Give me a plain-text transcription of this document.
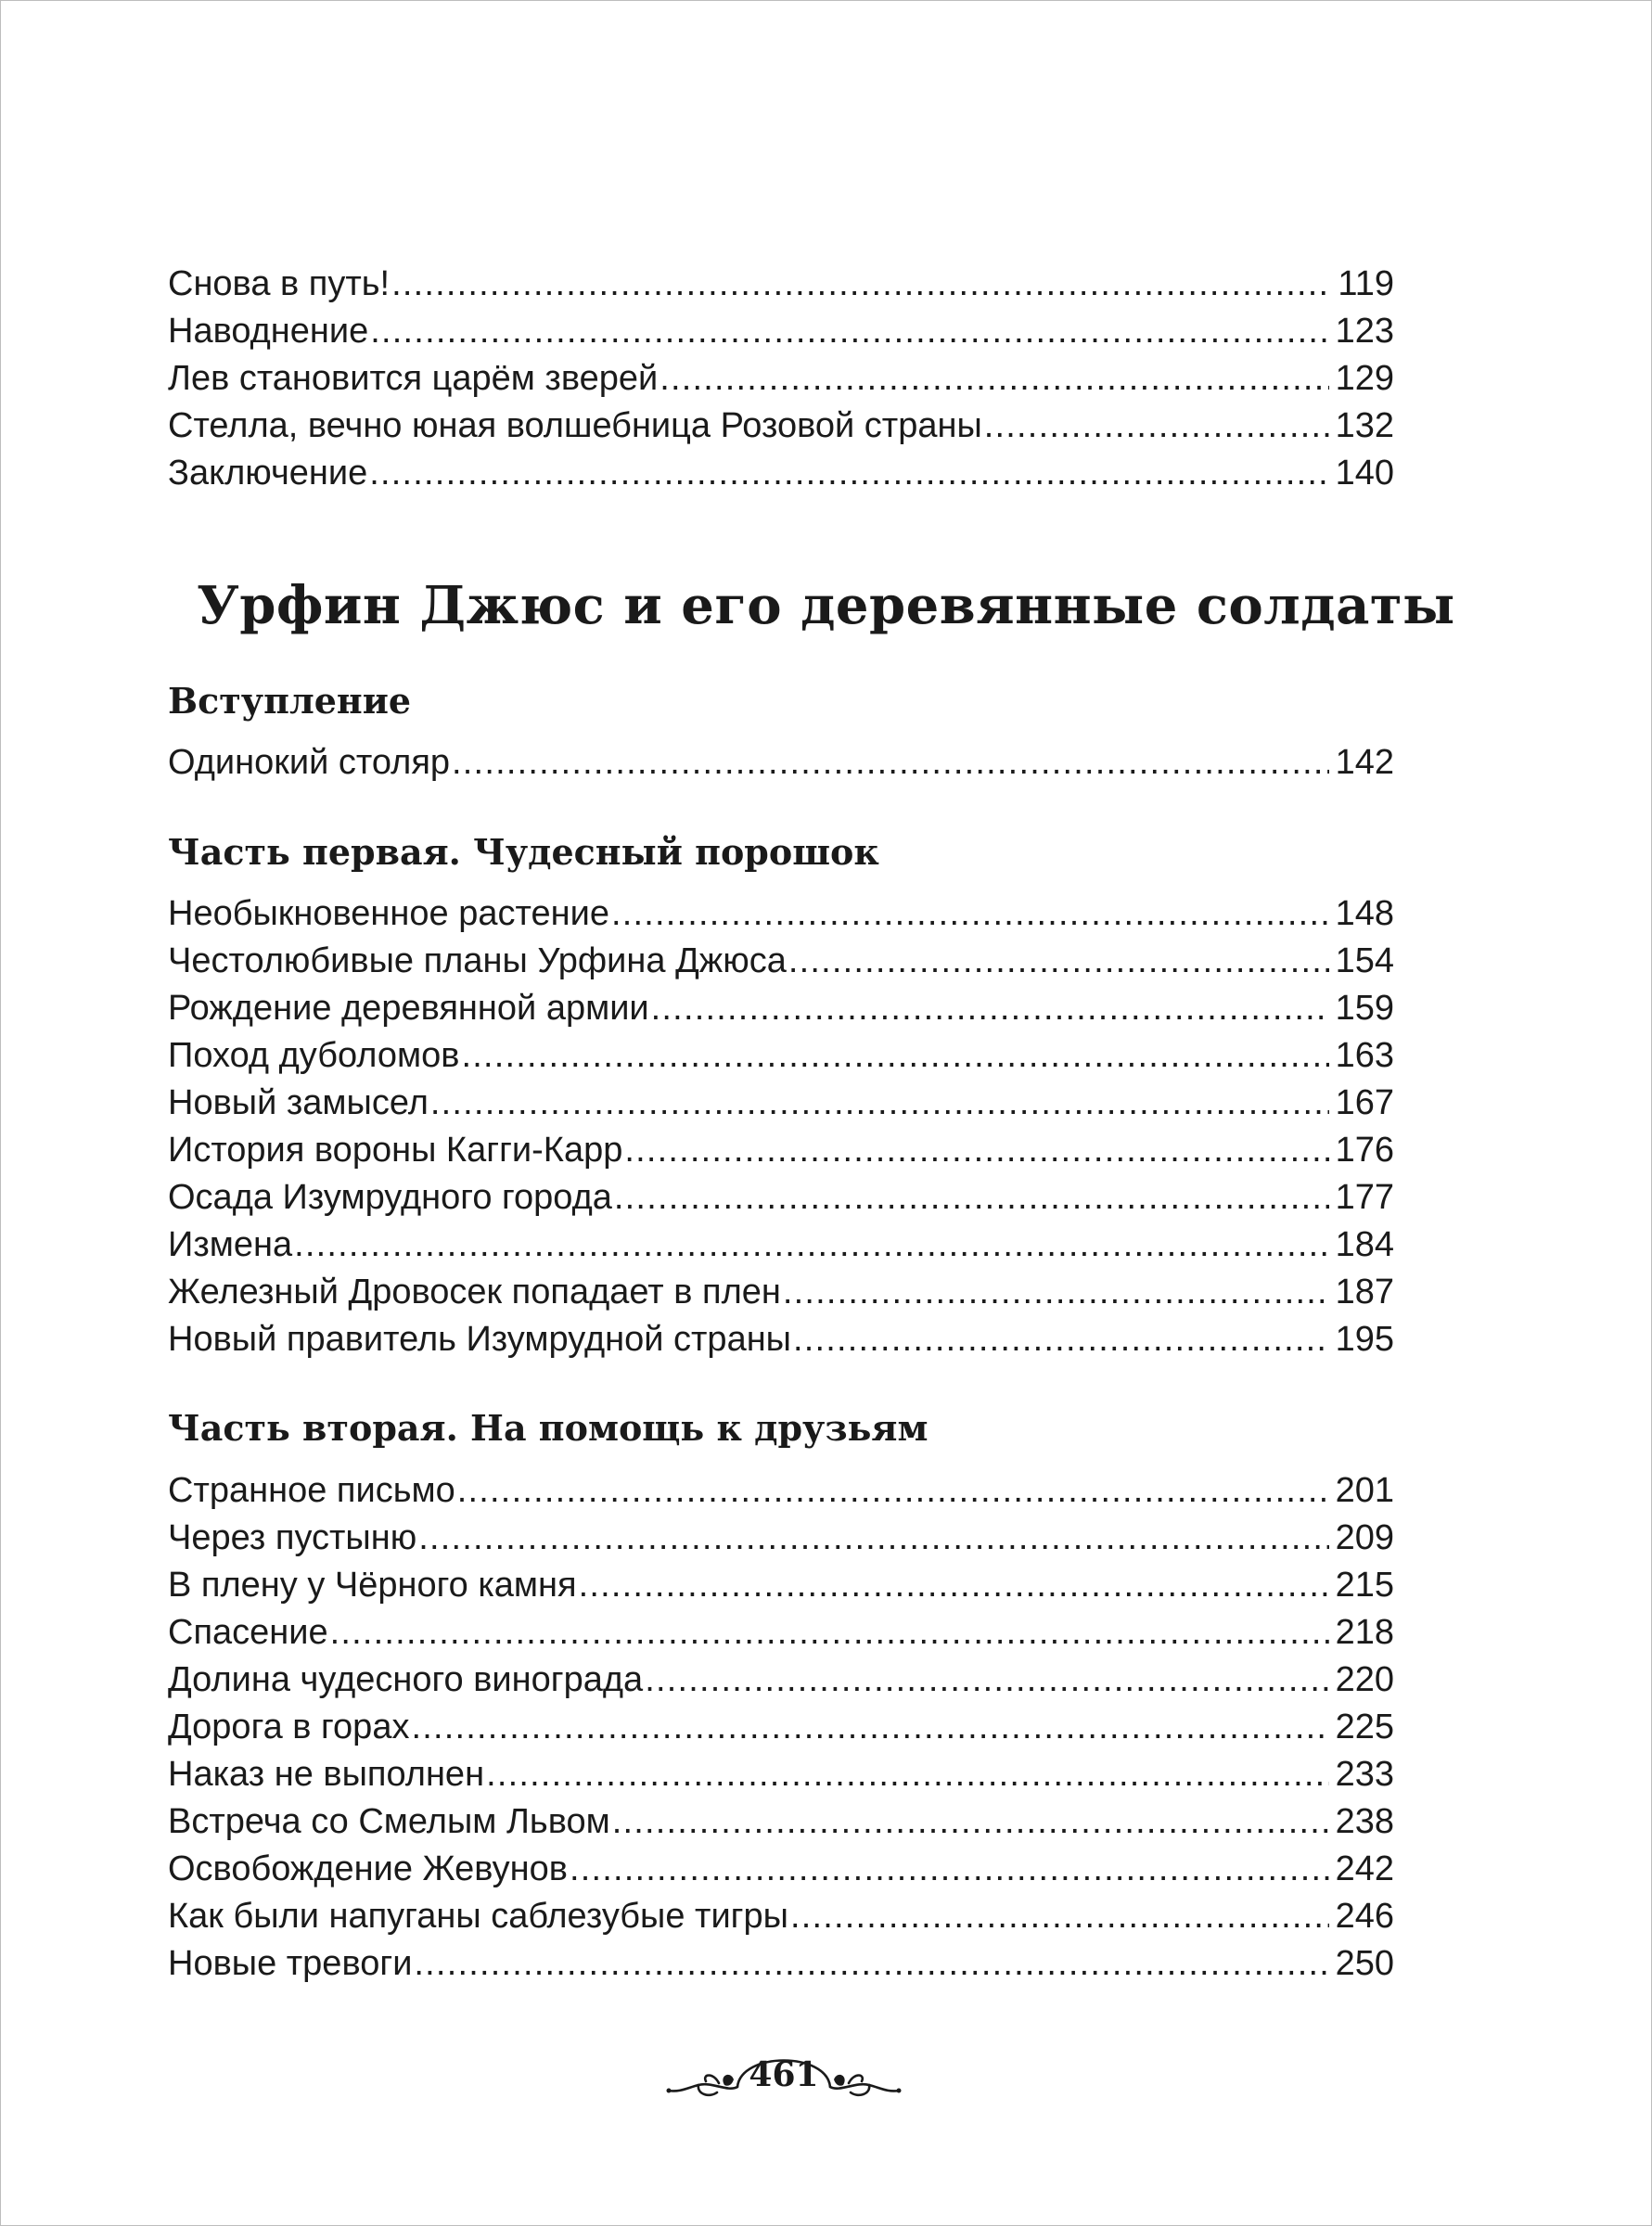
Снова в путь! .....	119
Наводнение .....	123
Лев становится царём зверей .....	129
Стелла, вечно юная волшебница Розовой страны .....	132
Заключение .....	140
Урфин Джюс и его деревянные солдаты
Вступление
Одинокий столяр .....	142
Часть первая. Чудесный порошок
Необыкновенное растение .....	148
Честолюбивые планы Урфина Джюса .....	154
Рождение деревянной армии .....	159
Поход дуболомов .....	163
Новый замысел .....	167
История вороны Кагги-Карр .....	176
Осада Изумрудного города .....	177
Измена .....	184
Железный Дровосек попадает в плен .....	187
Новый правитель Изумрудной страны .....	195
Часть вторая. На помощь к друзьям
Странное письмо .....	201
Через пустыню .....	209
В плену у Чёрного камня .....	215
Спасение .....	218
Долина чудесного винограда .....	220
Дорога в горах .....	225
Наказ не выполнен .....	233
Встреча со Смелым Львом .....	238
Освобождение Жевунов .....	242
Как были напуганы саблезубые тигры .....	246
Новые тревоги .....	250
461
